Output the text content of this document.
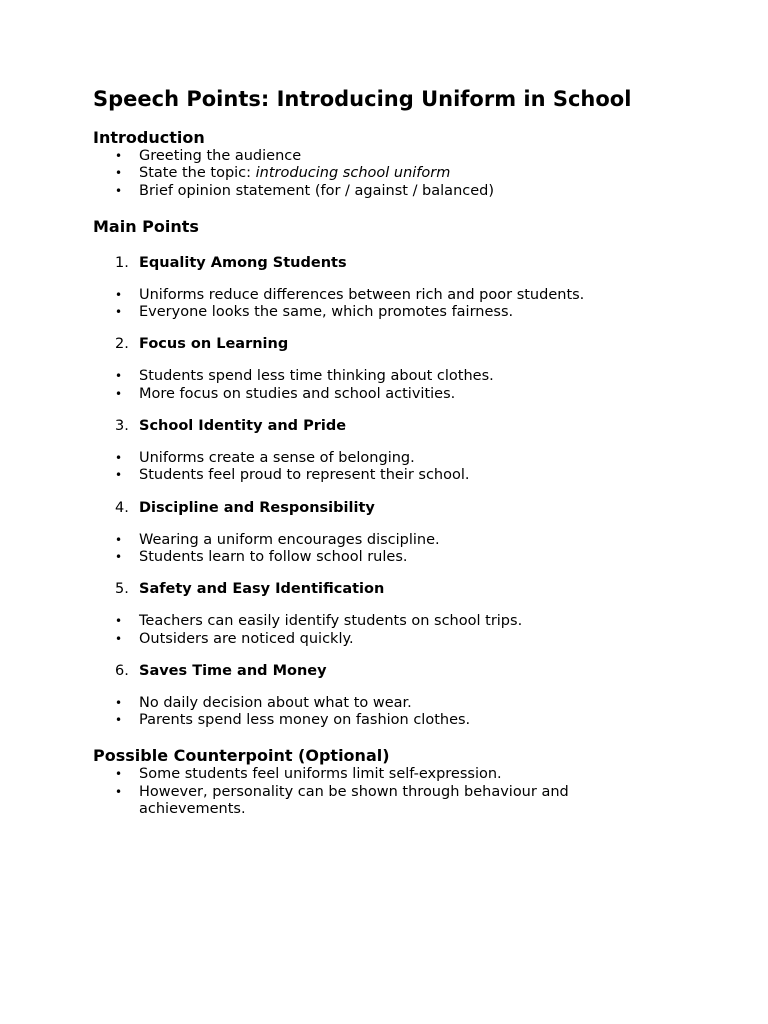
Speech Points: Introducing Uniform in School
Introduction
• Greeting the audience
• State the topic: introducing school uniform
• Brief opinion statement (for / against / balanced)
Main Points
1. Equality Among Students
• Uniforms reduce differences between rich and poor students.
• Everyone looks the same, which promotes fairness.
2. Focus on Learning
• Students spend less time thinking about clothes.
• More focus on studies and school activities.
3. School Identity and Pride
• Uniforms create a sense of belonging.
• Students feel proud to represent their school.
4. Discipline and Responsibility
• Wearing a uniform encourages discipline.
• Students learn to follow school rules.
5. Safety and Easy Identification
• Teachers can easily identify students on school trips.
• Outsiders are noticed quickly.
6. Saves Time and Money
• No daily decision about what to wear.
• Parents spend less money on fashion clothes.
Possible Counterpoint (Optional)
• Some students feel uniforms limit self-expression.
• However, personality can be shown through behaviour and achievements.
